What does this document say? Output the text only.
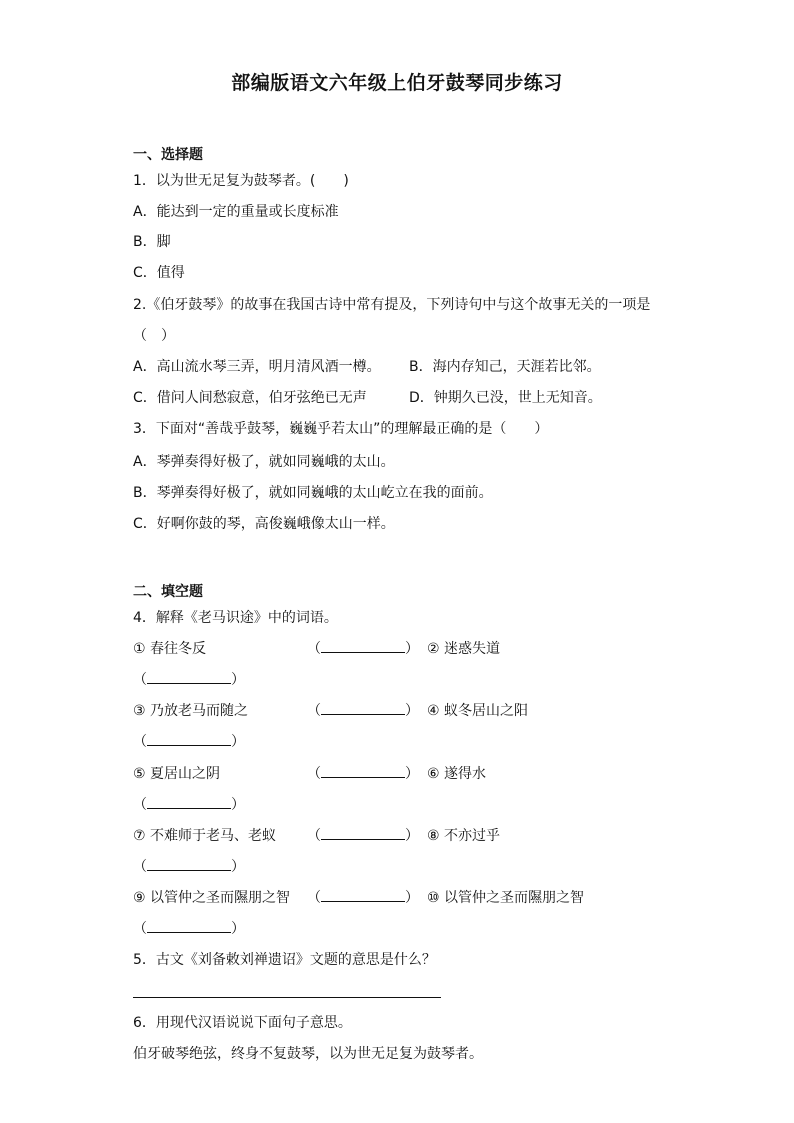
部编版语文六年级上伯牙鼓琴同步练习
一、选择题
1．以为世无足复为鼓琴者。(　　)
A．能达到一定的重量或长度标准
B．脚
C．值得
2.《伯牙鼓琴》的故事在我国古诗中常有提及，下列诗句中与这个故事无关的一项是
（　）
A．高山流水琴三弄，明月清风酒一樽。 B．海内存知己，天涯若比邻。
C．借问人间愁寂意，伯牙弦绝已无声	D．钟期久已没，世上无知音。
3．下面对“善哉乎鼓琴，巍巍乎若太山”的理解最正确的是（　　）
A．琴弹奏得好极了，就如同巍峨的太山。
B．琴弹奏得好极了，就如同巍峨的太山屹立在我的面前。
C．好啊你鼓的琴，高俊巍峨像太山一样。
二、填空题
4．解释《老马识途》中的词语。
① 春往冬反	（	） ② 迷惑失道
（	）
③ 乃放老马而随之	（	） ④ 蚁冬居山之阳
（	）
⑤ 夏居山之阴	（	） ⑥ 遂得水
（	）
⑦ 不难师于老马、老蚁 （	） ⑧ 不亦过乎
（	）
⑨ 以管仲之圣而隰朋之智 （	） ⑩ 以管仲之圣而隰朋之智
（	）
5．古文《刘备敕刘禅遗诏》文题的意思是什么？
6．用现代汉语说说下面句子意思。
伯牙破琴绝弦，终身不复鼓琴，以为世无足复为鼓琴者。
